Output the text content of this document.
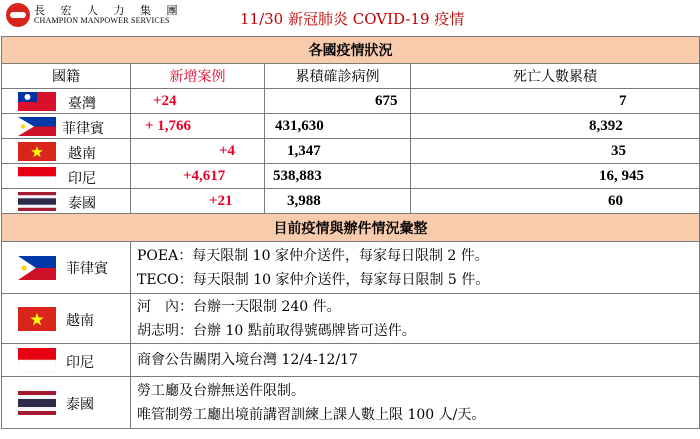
長 宏 人 力 集 團
CHAMPION MANPOWER SERVICES	11/30 新冠肺炎 COVID-19 疫情
各國疫情狀況			
國籍	新增案例	累積確診病例	死亡人數累積

臺灣	+24	675	7

菲律賓	+ 1,766	431,630	8,392

越南	+4	1,347	35

印尼	+4,617	538,883	16, 945

泰國	+21	3,988	60
目前疫情與辦件情況彙整			

菲律賓	POEA：每天限制 10 家仲介送件，每家每日限制 2 件。
TECO：每天限制 10 家仲介送件，每家每日限制 5 件。		

越南	河　內：台辦一天限制 240 件。
胡志明：台辦 10 點前取得號碼牌皆可送件。		

印尼	商會公告關閉入境台灣 12/4-12/17		

泰國	勞工廳及台辦無送件限制。
唯管制勞工廳出境前講習訓練上課人數上限 100 人/天。		
